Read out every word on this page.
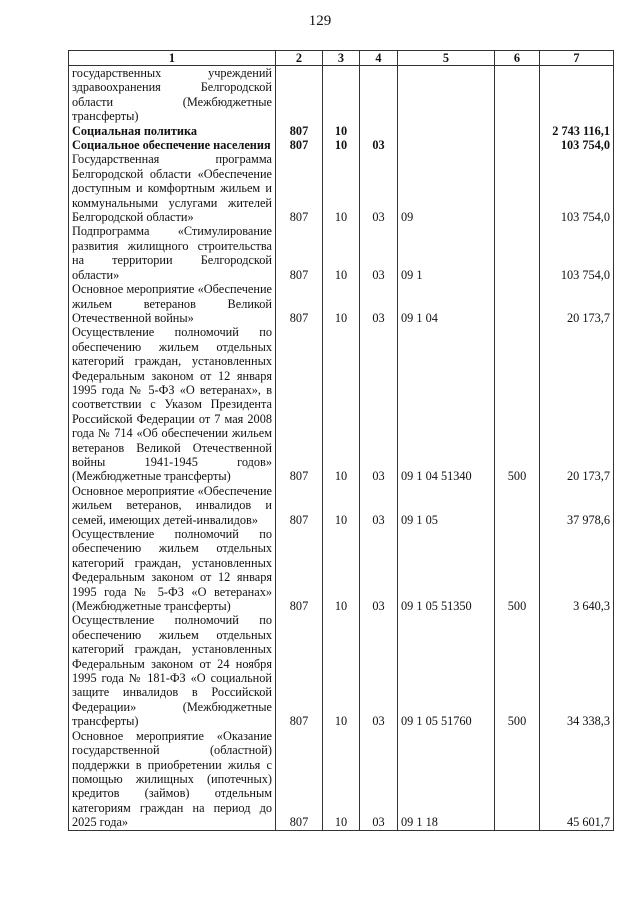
129
1	2	3	4	5	6	7
государственных учреждений здравоохранения Белгородской области (Межбюджетные трансферты)						
Социальная политика	807	10				2 743 116,1
Социальное обеспечение населения	807	10	03			103 754,0
Государственная программа Белгородской области «Обеспечение доступным и комфортным жильем и коммунальными услугами жителей Белгородской области»	807	10	03	09		103 754,0
Подпрограмма «Стимулирование развития жилищного строительства на территории Белгородской области»	807	10	03	09 1		103 754,0
Основное мероприятие «Обеспечение жильем ветеранов Великой Отечественной войны»	807	10	03	09 1 04		20 173,7
Осуществление полномочий по обеспечению жильем отдельных категорий граждан, установленных Федеральным законом от 12 января 1995 года № 5-ФЗ «О ветеранах», в соответствии с Указом Президента Российской Федерации от 7 мая 2008 года № 714 «Об обеспечении жильем ветеранов Великой Отечественной войны 1941-1945 годов» (Межбюджетные трансферты)	807	10	03	09 1 04 51340	500	20 173,7
Основное мероприятие «Обеспечение жильем ветеранов, инвалидов и семей, имеющих детей-инвалидов»	807	10	03	09 1 05		37 978,6
Осуществление полномочий по обеспечению жильем отдельных категорий граждан, установленных Федеральным законом от 12 января 1995 года № 5-ФЗ «О ветеранах» (Межбюджетные трансферты)	807	10	03	09 1 05 51350	500	3 640,3
Осуществление полномочий по обеспечению жильем отдельных категорий граждан, установленных Федеральным законом от 24 ноября 1995 года № 181-ФЗ «О социальной защите инвалидов в Российской Федерации» (Межбюджетные трансферты)	807	10	03	09 1 05 51760	500	34 338,3
Основное мероприятие «Оказание государственной (областной) поддержки в приобретении жилья с помощью жилищных (ипотечных) кредитов (займов) отдельным категориям граждан на период до 2025 года»	807	10	03	09 1 18		45 601,7
